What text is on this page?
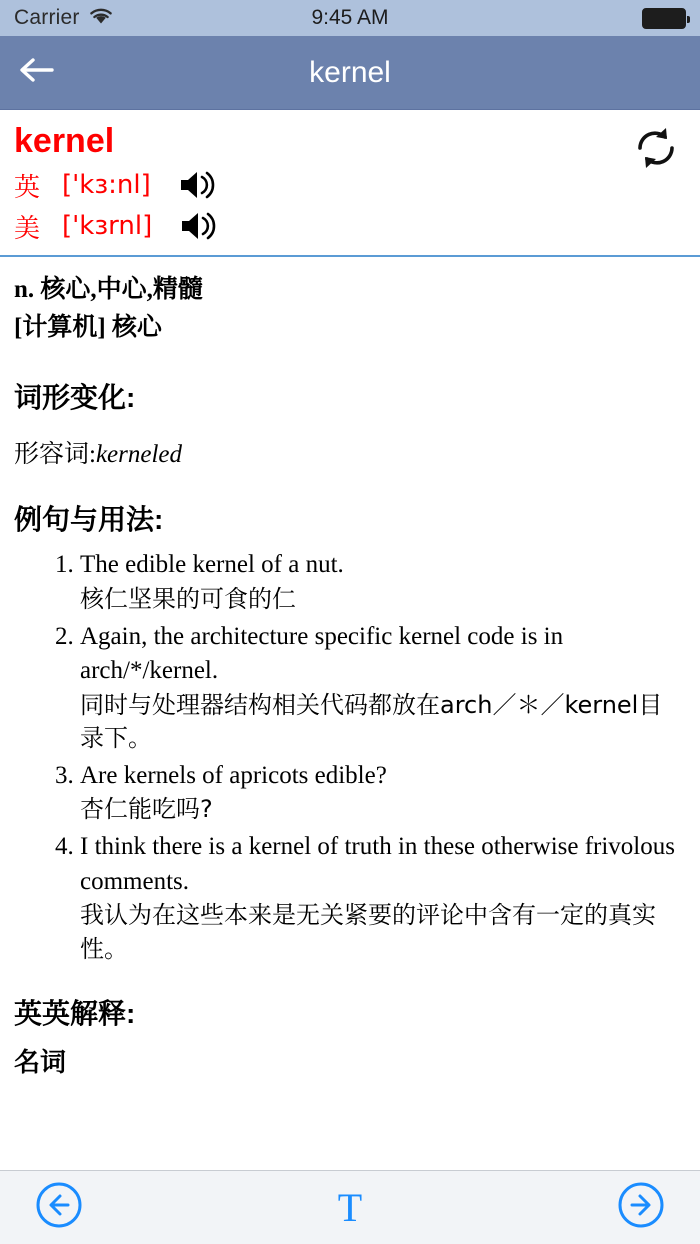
Carrier	9:45 AM
kernel
kernel
英 ['kɜ:nl]
美 ['kɜrnl]
n. 核心,中心,精髓
[计算机] 核心
词形变化:
形容词:kerneled
例句与用法:
1. The edible kernel of a nut.
核仁坚果的可食的仁
2. Again, the architecture specific kernel code is in arch/*/kernel.
同时与处理器结构相关代码都放在arch／＊／kernel目录下。
3. Are kernels of apricots edible?
杏仁能吃吗?
4. I think there is a kernel of truth in these otherwise frivolous comments.
我认为在这些本来是无关紧要的评论中含有一定的真实性。
英英解释:
名词
T
